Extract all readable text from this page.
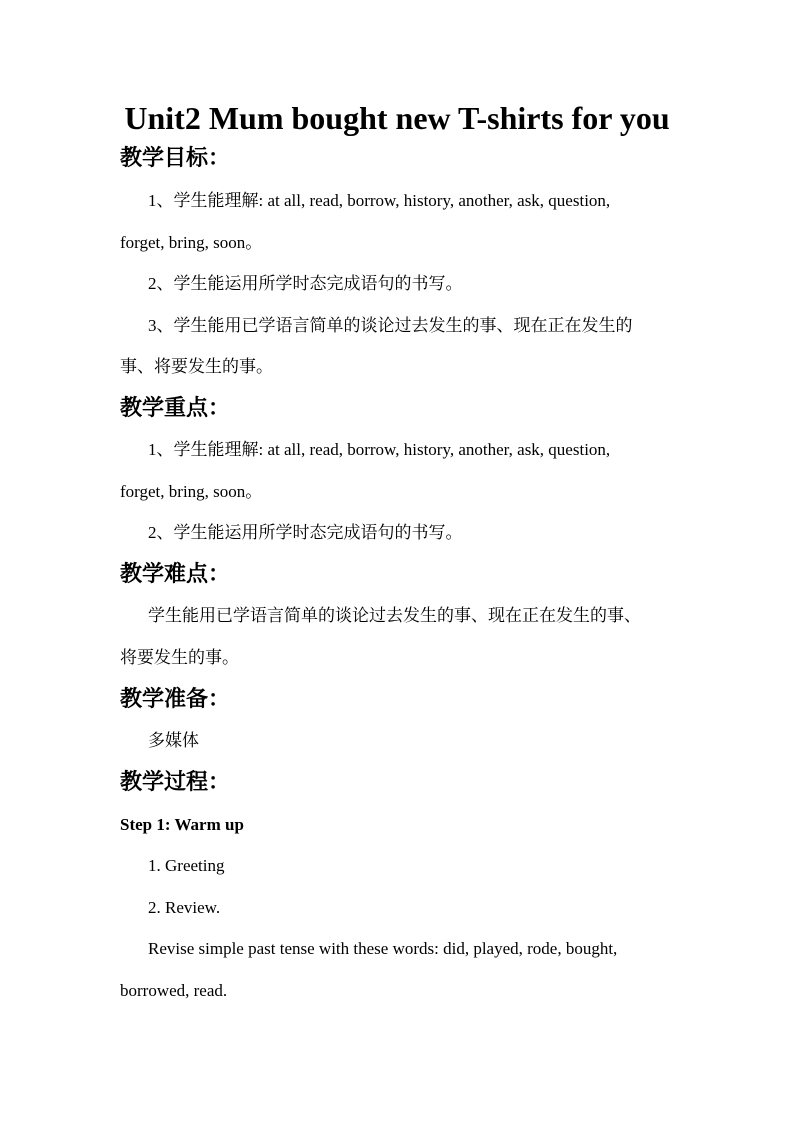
Unit2 Mum bought new T-shirts for you
教学目标：
1、学生能理解: at all, read, borrow, history, another, ask, question,
forget, bring, soon。
2、学生能运用所学时态完成语句的书写。
3、学生能用已学语言简单的谈论过去发生的事、现在正在发生的
事、将要发生的事。
教学重点：
1、学生能理解: at all, read, borrow, history, another, ask, question,
forget, bring, soon。
2、学生能运用所学时态完成语句的书写。
教学难点：
学生能用已学语言简单的谈论过去发生的事、现在正在发生的事、
将要发生的事。
教学准备：
多媒体
教学过程：
Step 1: Warm up
1. Greeting
2. Review.
Revise simple past tense with these words: did, played, rode, bought,
borrowed, read.
